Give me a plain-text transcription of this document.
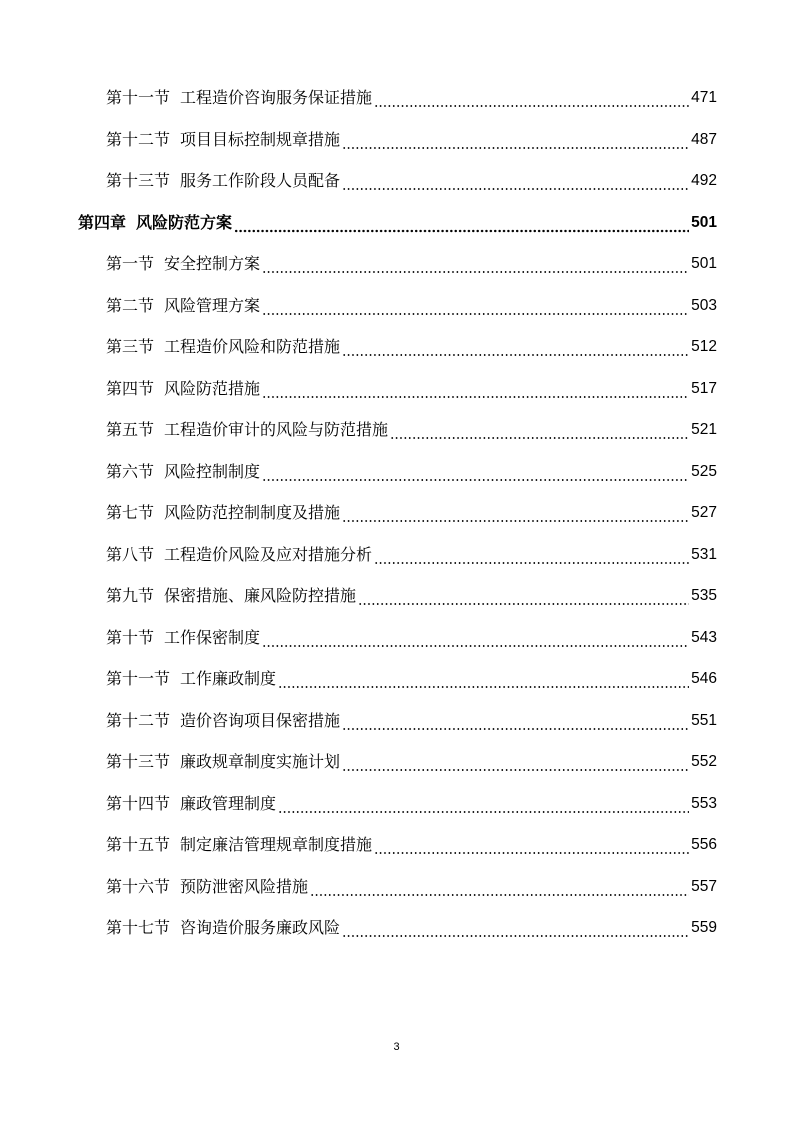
第十一节 工程造价咨询服务保证措施	471
第十二节 项目目标控制规章措施	487
第十三节 服务工作阶段人员配备	492
第四章 风险防范方案	501
第一节 安全控制方案	501
第二节 风险管理方案	503
第三节 工程造价风险和防范措施	512
第四节 风险防范措施	517
第五节 工程造价审计的风险与防范措施	521
第六节 风险控制制度	525
第七节 风险防范控制制度及措施	527
第八节 工程造价风险及应对措施分析	531
第九节 保密措施、廉风险防控措施	535
第十节 工作保密制度	543
第十一节 工作廉政制度	546
第十二节 造价咨询项目保密措施	551
第十三节 廉政规章制度实施计划	552
第十四节 廉政管理制度	553
第十五节 制定廉洁管理规章制度措施	556
第十六节 预防泄密风险措施	557
第十七节 咨询造价服务廉政风险	559
3
